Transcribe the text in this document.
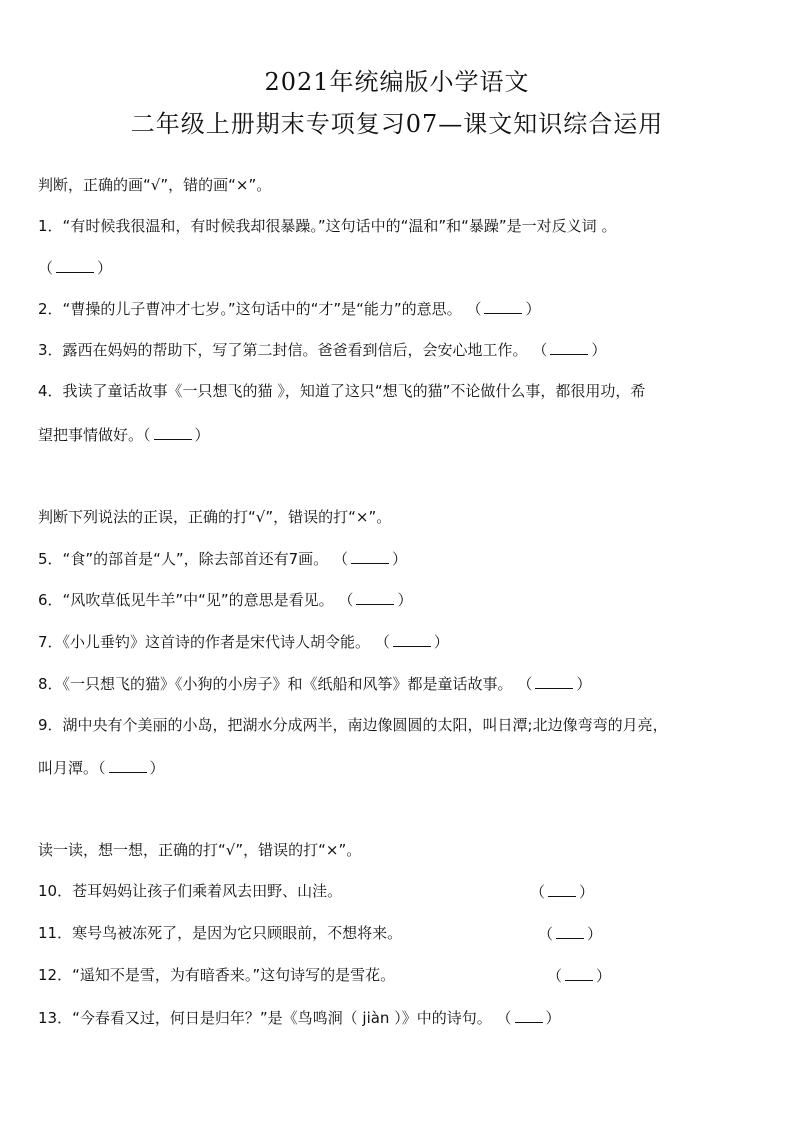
2021年统编版小学语文
二年级上册期末专项复习07—课文知识综合运用
判断，正确的画“√”，错的画“×”。
1．“有时候我很温和，有时候我却很暴躁。”这句话中的“温和”和“暴躁”是一对反义词 。
（	）
2．“曹操的儿子曹冲才七岁。”这句话中的“才”是“能力”的意思。 （	）
3．露西在妈妈的帮助下，写了第二封信。爸爸看到信后，会安心地工作。 （	）
4．我读了童话故事《一只想飞的猫 》，知道了这只“想飞的猫”不论做什么事，都很用功，希
望把事情做好。（	）
判断下列说法的正误，正确的打“√”，错误的打“×”。
5．“食”的部首是“人”，除去部首还有7画。 （	）
6．“风吹草低见牛羊”中“见”的意思是看见。 （	）
7．《小儿垂钓》这首诗的作者是宋代诗人胡令能。 （	）
8．《一只想飞的猫》《小狗的小房子》和《纸船和风筝》都是童话故事。 （	）
9．湖中央有个美丽的小岛，把湖水分成两半，南边像圆圆的太阳，叫日潭;北边像弯弯的月亮，
叫月潭。（	）
读一读，想一想，正确的打“√”，错误的打“×”。
10．苍耳妈妈让孩子们乘着风去田野、山洼。	（ ）
11．寒号鸟被冻死了，是因为它只顾眼前，不想将来。	（ ）
12．“遥知不是雪，为有暗香来。”这句诗写的是雪花。	（ ）
13．“今春看又过，何日是归年？”是《鸟鸣涧（ jiàn ）》中的诗句。 （ ）
